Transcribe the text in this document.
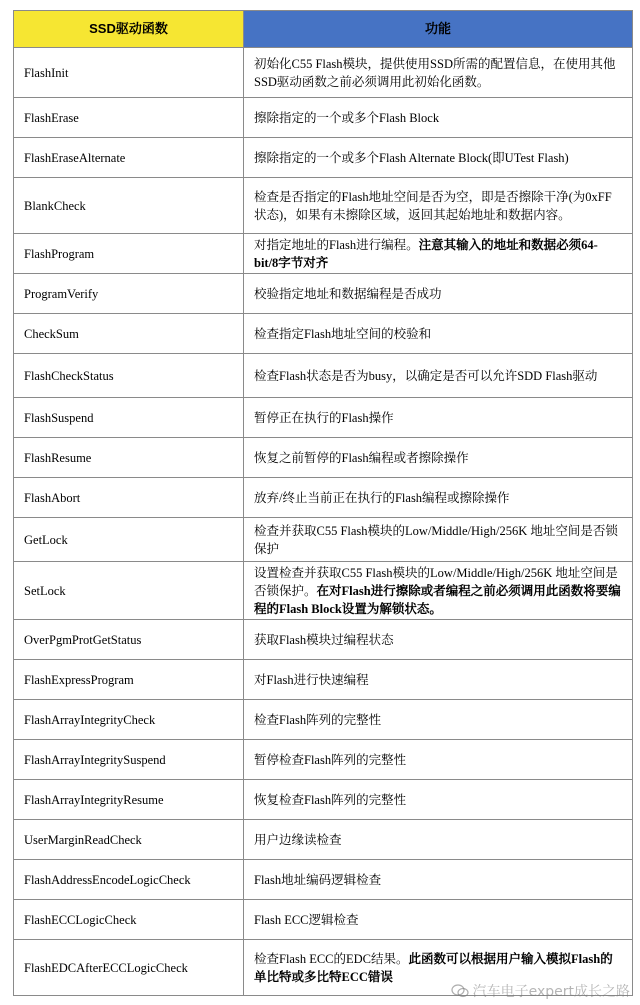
SSD驱动函数	功能
FlashInit	初始化C55 Flash模块，提供使用SSD所需的配置信息，在使用其他SSD驱动函数之前必须调用此初始化函数。
FlashErase	擦除指定的一个或多个Flash Block
FlashEraseAlternate	擦除指定的一个或多个Flash Alternate Block(即UTest Flash)
BlankCheck	检查是否指定的Flash地址空间是否为空，即是否擦除干净(为0xFF状态)，如果有未擦除区域，返回其起始地址和数据内容。
FlashProgram	对指定地址的Flash进行编程。注意其输入的地址和数据必须64-bit/8字节对齐
ProgramVerify	校验指定地址和数据编程是否成功
CheckSum	检查指定Flash地址空间的校验和
FlashCheckStatus	检查Flash状态是否为busy，以确定是否可以允许SDD Flash驱动
FlashSuspend	暂停正在执行的Flash操作
FlashResume	恢复之前暂停的Flash编程或者擦除操作
FlashAbort	放弃/终止当前正在执行的Flash编程或擦除操作
GetLock	检查并获取C55 Flash模块的Low/Middle/High/256K 地址空间是否锁保护
SetLock	设置检查并获取C55 Flash模块的Low/Middle/High/256K 地址空间是否锁保护。在对Flash进行擦除或者编程之前必须调用此函数将要编程的Flash Block设置为解锁状态。
OverPgmProtGetStatus	获取Flash模块过编程状态
FlashExpressProgram	对Flash进行快速编程
FlashArrayIntegrityCheck	检查Flash阵列的完整性
FlashArrayIntegritySuspend	暂停检查Flash阵列的完整性
FlashArrayIntegrityResume	恢复检查Flash阵列的完整性
UserMarginReadCheck	用户边缘读检查
FlashAddressEncodeLogicCheck	Flash地址编码逻辑检查
FlashECCLogicCheck	Flash ECC逻辑检查
FlashEDCAfterECCLogicCheck	检查Flash ECC的EDC结果。此函数可以根据用户输入模拟Flash的单比特或多比特ECC错误
汽车电子expert成长之路
